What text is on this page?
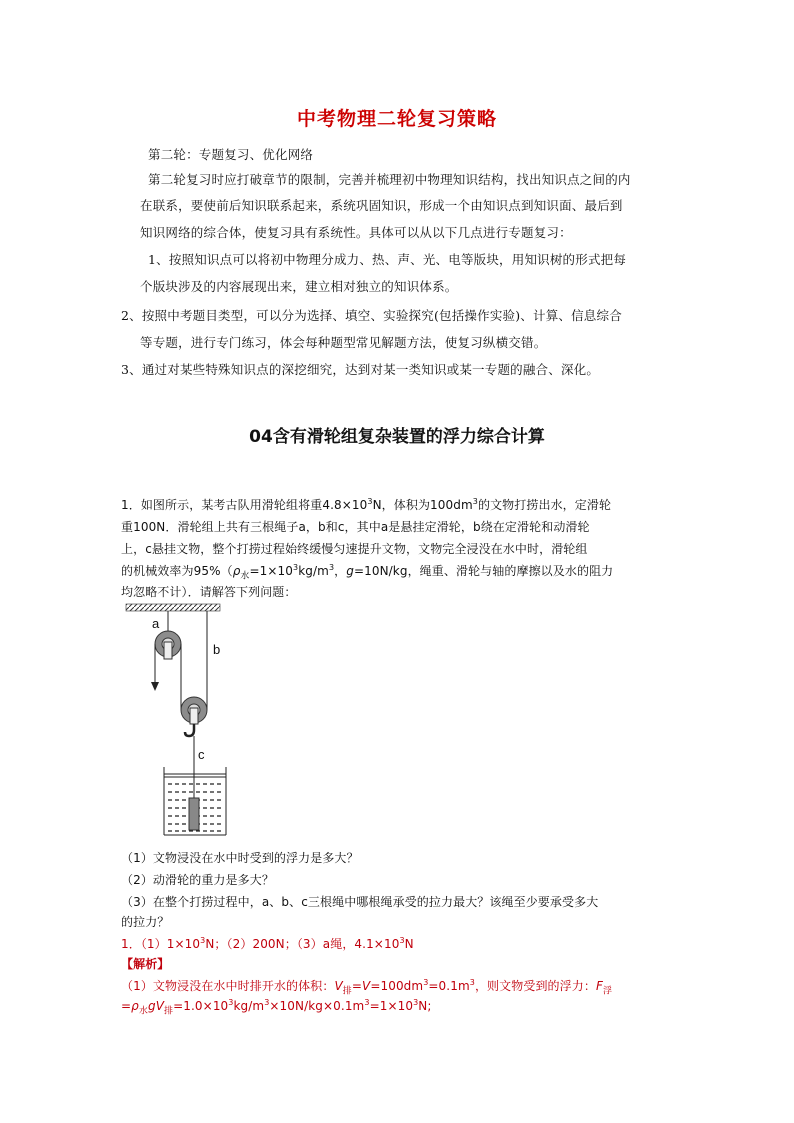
中考物理二轮复习策略
第二轮：专题复习、优化网络
第二轮复习时应打破章节的限制，完善并梳理初中物理知识结构，找出知识点之间的内
在联系，要使前后知识联系起来，系统巩固知识，形成一个由知识点到知识面、最后到
知识网络的综合体，使复习具有系统性。具体可以从以下几点进行专题复习：
1、按照知识点可以将初中物理分成力、热、声、光、电等版块，用知识树的形式把每
个版块涉及的内容展现出来，建立相对独立的知识体系。
2、按照中考题目类型，可以分为选择、填空、实验探究(包括操作实验)、计算、信息综合
等专题，进行专门练习，体会每种题型常见解题方法，使复习纵横交错。
3、通过对某些特殊知识点的深挖细究，达到对某一类知识或某一专题的融合、深化。
04含有滑轮组复杂装置的浮力综合计算
1．如图所示，某考古队用滑轮组将重$4.8\times 10^3N$，体积为$100dm^3$的文物打捞出水，定滑轮
重100N．滑轮组上共有三根绳子a，b和c，其中a是悬挂定滑轮，b绕在定滑轮和动滑轮
上，c悬挂文物，整个打捞过程始终缓慢匀速提升文物，文物完全浸没在水中时，滑轮组
的机械效率为$95\%(\rho_水=1\times 10^3kg/m^3$，g=10N/kg，绳重、滑轮与轴的摩擦以及水的阻力
均忽略不计）．请解答下列问题：
a
b
c
（1）文物浸没在水中时受到的浮力是多大？
（2）动滑轮的重力是多大？
（3）在整个打捞过程中，a、b、c三根绳中哪根绳承受的拉力最大？该绳至少要承受多大
的拉力？
1．$(1)1\times 10^3N$；（2）200N；（3）a绳，$4.1\times 10^3N$
【解析】
（1）文物浸没在水中时排开水的体积：$V_排=V=100dm^3=0.1m^3$，则文物受到的浮力：$F_浮$
$=\rho_水gV_排=1.0\times 10^3kg/m^3\times 10N/kg\times 0.1m^3=1\times 10^3N$;
